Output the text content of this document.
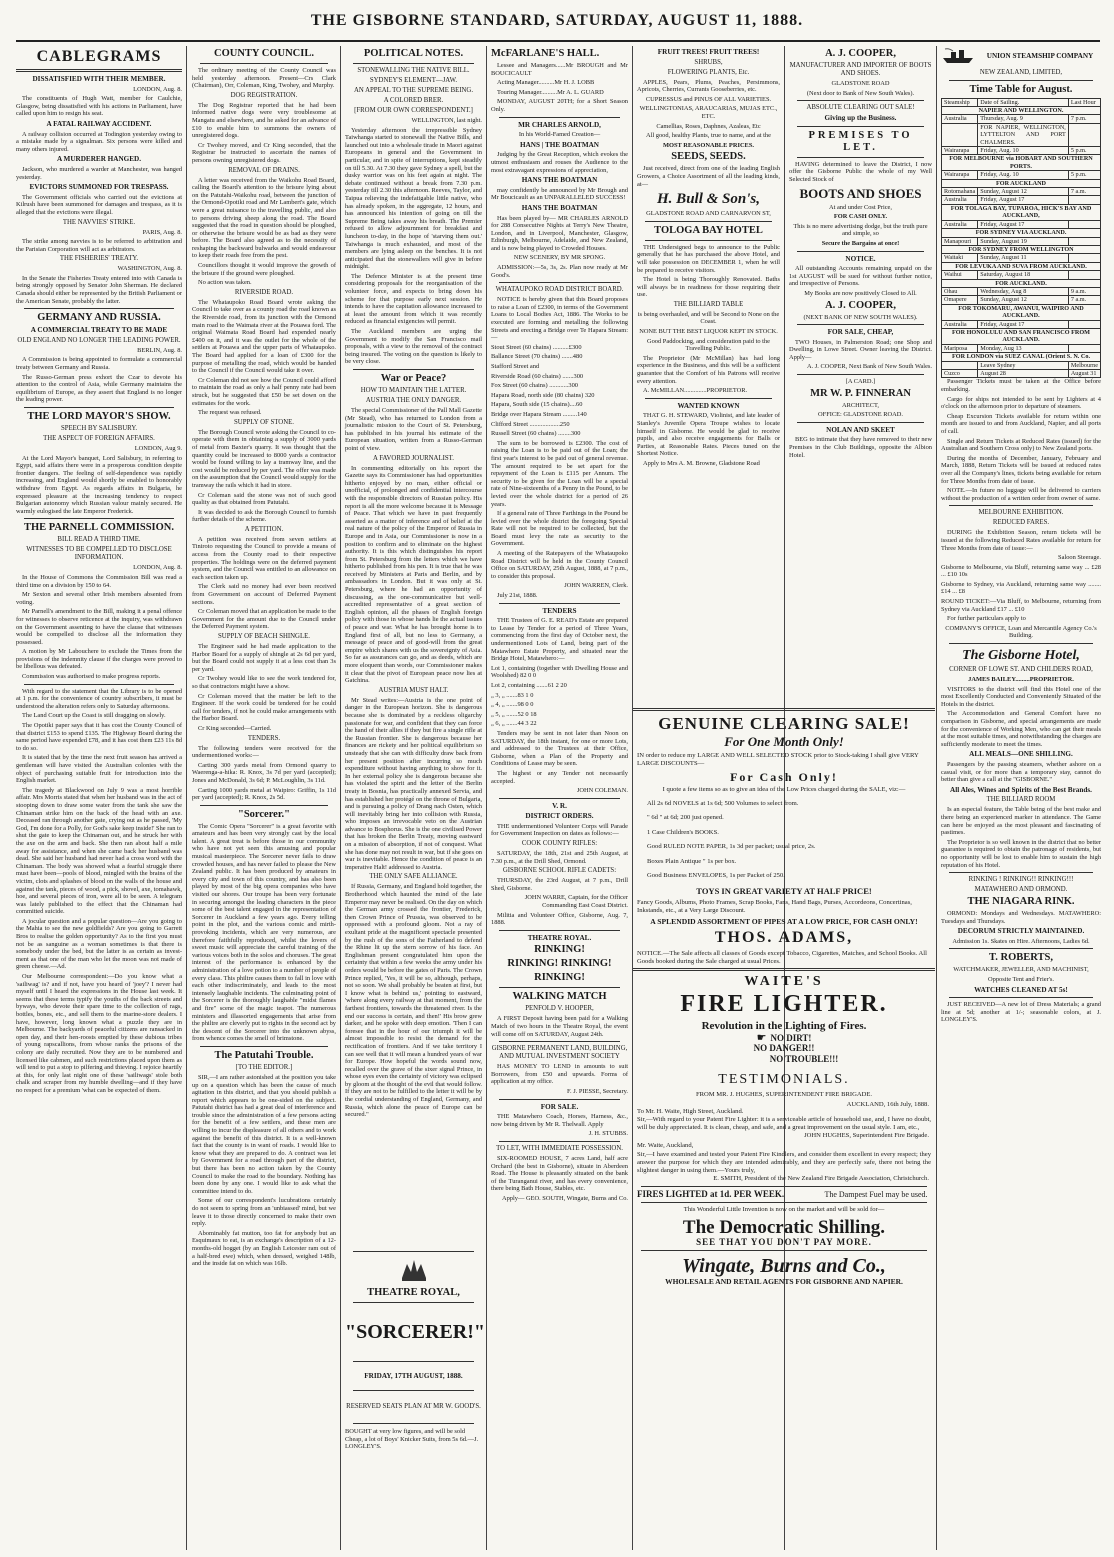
THE GISBORNE STANDARD, SATURDAY, AUGUST 11, 1888.
CABLEGRAMS
DISSATISFIED WITH THEIR MEMBER.

LONDON, Aug. 8.

The constituents of Hugh Watt, member for Caulchie, Glasgow, being dissatisfied with his actions in Parliament, have called upon him to resign his seat.

A FATAL RAILWAY ACCIDENT.

A railway collision occurred at Todington yesterday owing to a mistake made by a signalman. Six persons were killed and many others injured.

A MURDERER HANGED.

Jackson, who murdered a warder at Manchester, was hanged yesterday.

EVICTORS SUMMONED FOR TRESPASS.

The Government officials who carried out the evictions at Kilrush have been summoned for damages and trespass, as it is alleged that the evictions were illegal.

THE NAVVIES' STRIKE.

PARIS, Aug. 8.

The strike among navvies is to be referred to arbitration and the Parisian Corporation will act as arbitrators.

THE FISHERIES' TREATY.

WASHINGTON, Aug. 8.

In the Senate the Fisheries Treaty entered into with Canada is being strongly opposed by Senator John Sherman. He declared Canada should either be represented by the British Parliament or the American Senate, probably the latter.

GERMANY AND RUSSIA.
A COMMERCIAL TREATY TO BE MADE
OLD ENGLAND NO LONGER THE LEADING POWER.

BERLIN, Aug. 8.

A Commission is being appointed to formulate a commercial treaty between Germany and Russia.

The Russo-German press exhort the Czar to devote his attention to the control of Asia, while Germany maintains the equilibrium of Europe, as they assert that England is no longer the leading power.

THE LORD MAYOR'S SHOW.
SPEECH BY SALISBURY.
THE ASPECT OF FOREIGN AFFAIRS.

LONDON, Aug 9.

At the Lord Mayor's banquet, Lord Salisbury, in referring to Egypt, said affairs there were in a prosperous condition despite frontier dangers. The feeling of self-dependence was rapidly increasing, and England would shortly be enabled to honorably withdraw from Egypt. As regards affairs in Bulgaria, he expressed pleasure at the increasing tendency to respect Bulgarian autonomy which Russian valour mainly secured. He warmly eulogised the late Emperor Frederick.

THE PARNELL COMMISSION.
BILL READ A THIRD TIME.
WITNESSES TO BE COMPELLED TO DISCLOSE INFORMATION.

LONDON, Aug. 8.

In the House of Commons the Commission Bill was read a third time on a division by 150 to 64.

Mr Sexton and several other Irish members absented from voting.

Mr Parnell's amendment to the Bill, making it a penal offence for witnesses to observe reticence at the inquiry, was withdrawn on the Government assenting to have the clause that witnesses would be compelled to disclose all the information they possessed.

A motion by Mr Labouchere to exclude the Times from the provisions of the indemnity clause if the charges were proved to be libellous was defeated.

Commission was authorised to make progress reports.

With regard to the statement that the Library is to be opened at 1 p.m. for the convenience of country subscribers, it must be understood the alteration refers only to Saturday afternoons.

The Land Court up the Coast is still dragging on slowly.

The Opotiki paper says that it has cost the County Council of that district £153 to spend £135. The Highway Board during the same period have expended £78, and it has cost them £23 11s 8d to do so.

It is stated that by the time the next fruit season has arrived a gentleman will have visited the Australian colonies with the object of purchasing suitable fruit for introduction into the English market.

The tragedy at Blackwood on July 9 was a most horrible affair. Mrs Morris stated that when her husband was in the act of stooping down to draw some water from the tank she saw the Chinaman strike him on the back of the head with an axe. Deceased ran through another gate, crying out as he passed, 'My God, I'm done for a Polly, for God's sake keep inside!' She ran to shut the gate to keep the Chinaman out, and he struck her with the axe on the arm and back. She then ran about half a mile away for assistance, and when she came back her husband was dead. She said her husband had never had a cross word with the Chinaman. The body was showed what a fearful struggle there must have been—pools of blood, mingled with the brains of the victim, clots and splashes of blood on the walls of the house and against the tank, pieces of wood, a pick, shovel, axe, tomahawk, hoe, and several pieces of iron, were all to be seen. A telegram was lately published to the effect that the Chinaman had committed suicide.

A jocular question and a popular question—Are you going to the Mahia to see the new goldfields? Are you going to Garrett Bros to realise the golden opportunity? As to the first you must not be as sanguine as a woman sometimes is that there is somebody under the bed, but the latter is as certain as invest-ment as that one of the man who let the moon was not made of green cheese.—Ad.

Our Melbourne correspondent:—Do you know what a 'sailiwag' is? and if not, have you heard of 'joey'? I never had myself until I heard the expressions in the House last week. It seems that these terms typify the youths of the back streets and byways, who devote their spare time to the collection of rags, bottles, bones, etc., and sell them to the marine-store dealers. I have, however, long known what a puzzle they are in Melbourne. The backyards of peaceful citizens are ransacked in open day, and their hen-roosts emptied by these dubious tribes of young rapscallions, from whose ranks the prisons of the colony are daily recruited. Now they are to be numbered and licensed like cabmen, and such restrictions placed upon them as will tend to put a stop to pilfering and thieving. I rejoice heartily at this, for only last night one of these 'sailiwags' stole both chalk and scraper from my humble dwelling—and if they have no respect for a premium 'what can be expected of them.

COUNTY COUNCIL.

The ordinary meeting of the County Council was held yesterday afternoon. Present—Crs Clark (Chairman), Orr, Coleman, King, Twohey, and Murphy.

DOG REGISTRATION.

The Dog Registrar reported that he had been informed native dogs were very troublesome at Mangatu and elsewhere, and he asked for an advance of £10 to enable him to summons the owners of unregistered dogs.

Cr Twohey moved, and Cr King seconded, that the Registrar be instructed to ascertain the names of persons owning unregistered dogs.

REMOVAL OF DRAINS.

A letter was received from the Waikohu Road Board, calling the Board's attention to the brisure lying about on the Patutahi-Waikohu road, between the junction of the Ormond-Opotiki road and Mr Lambert's gate, which were a great nuisance to the travelling public, and also to persons driving sheep along the road. The Board suggested that the road in question should be ploughed, or otherwise the brisure would be as bad as they were before. The Board also agreed as to the necessity of reshaping the backward bulwarks and would endeavour to keep their roads free from the pest.

Councillors thought it would improve the growth of the brisure if the ground were ploughed.

No action was taken.

RIVERSIDE ROAD.

The Whataupoko Road Board wrote asking the Council to take over as a county road the road known as the Riverside road, from its junction with the Ormond main road to the Waimata river at the Pouawa ford. The original Waimata Road Board had expended nearly £400 on it, and it was the outlet for the whole of the settlers at Pouawa and the upper parts of Whataupoko. The Board had applied for a loan of £300 for the purpose of metalling the road, which would be handed to the Council if the Council would take it over.

Cr Coleman did not see how the Council could afford to maintain the road as only a half penny rate had been struck, but he suggested that £50 be set down on the estimates for the work.

The request was refused.

SUPPLY OF STONE.

The Borough Council wrote asking the Council to co-operate with them in obtaining a supply of 3000 yards of metal from Baxter's quarry. It was thought that the quantity could be increased to 8000 yards a contractor would be found willing to lay a tramway line, and the cost would be reduced by per yard. The offer was made on the assumption that the Council would supply for the tramway the rails which it had in store.

Cr Coleman said the stone was not of such good quality as that obtained from Patutahi.

It was decided to ask the Borough Council to furnish further details of the scheme.

A PETITION.

A petition was received from seven settlers at Tiniroto requesting the Council to provide a means of access from the County road to their respective properties. The holdings were on the deferred payment system, and the Council was entitled to an allowance on each section taken up.

The Clerk said no money had ever been received from Government on account of Deferred Payment sections.

Cr Coleman moved that an application be made to the Government for the amount due to the Council under the Deferred Payment system.

SUPPLY OF BEACH SHINGLE.

The Engineer said he had made application to the Harbor Board for a supply of shingle at 2s 6d per yard, but the Board could not supply it at a less cost than 3s per yard.

Cr Twohey would like to see the work tendered for, so that contractors might have a show.

Cr Coleman moved that the matter be left to the Engineer. If the work could be tendered for he could call for tenders, if not he could make arrangements with the Harbor Board.

Cr King seconded—Carried.

TENDERS.

The following tenders were received for the undermentioned works:—

Carting 300 yards metal from Ormond quarry to Waerenga-a-hika: R. Knox, 3s 7d per yard (accepted); Jones and McDonald, 3s 6d; P. McLoughlin, 3s 11d.

Carting 1000 yards metal at Waipiro: Griffin, 1s 11d per yard (accepted); R. Knox, 2s 5d.

"Sorcerer."

The Comic Opera "Sorcerer" is a great favorite with amateurs and has been very strongly cast by the local talent. A great treat is before those in our community who have not yet seen this amusing and popular musical masterpiece. The Sorcerer never fails to draw crowded houses, and has never failed to please the New Zealand public. It has been produced by amateurs in every city and town of this country, and has also been played by most of the big opera companies who have visited our shores. Our troupe has been very fortunate in securing amongst the leading characters in the piece some of the best talent engaged in the representation of Sorcerer in Auckland a few years ago. Every telling point in the plot, and the various comic and mirth-provoking incidents, which are very numerous, are therefore faithfully reproduced, whilst the lovers of sweet music will appreciate the careful training of the various voices both in the solos and choruses. The great interest of the performance is enhanced by the administration of a love potion to a number of people of every class. This philtre causes them to fall in love with each other indiscriminately, and leads to the most intensely laughable incidents. The culminating point of the Sorcerer is the thoroughly laughable "midst flames and fire" scene of the magic teapot. The numerous ministers and illassorted engagements that arise from the philtre are cleverly put to rights in the second act by the descent of the Sorcerer into the unknown abyss, from whence comes the smell of brimstone.

The Patutahi Trouble.
[TO THE EDITOR.]

SIR,—I am rather astonished at the position you take up on a question which has been the cause of much agitation in this district, and that you should publish a report which appears to be one-sided on the subject. Patutahi district has had a great deal of interference and trouble since the administration of a few persons acting for the benefit of a few settlers, and these men are willing to incur the displeasure of all others and to work against the benefit of this district. It is a well-known fact that the county is in want of roads. I would like to know what they are prepared to do. A contract was let by Government for a road through part of the district, but there has been no action taken by the County Council to make the road to the boundary. Nothing has been done by any one. I would like to ask what the committee intend to do.

Some of our correspondent's lucubrations certainly do not seem to spring from an 'unbiassed' mind, but we leave it to those directly concerned to make their own reply.

Abominably fat mutton, too fat for anybody but an Esquimaux to eat, is an exchange's description of a 12-months-old hogget (by an English Leicester ram out of a half-bred ewe) which, when dressed, weighed 148lb, and the inside fat on which was 16lb.

POLITICAL NOTES.
STONEWALLING THE NATIVE BILL.
SYDNEY'S ELEMENT—JAW.
AN APPEAL TO THE SUPREME BEING.
A COLORED BRER.
[FROM OUR OWN CORRESPONDENT.]

WELLINGTON, last night.

Yesterday afternoon the irrepressible Sydney Taiwhanga started to stonewall the Native Bills, and launched out into a wholesale tirade in Maori against Europeans in general and the Government in particular, and in spite of interruptions, kept steadily on till 5.30. At 7.30 they gave Sydney a spell, but the dusky warrior was on his feet again at night. The debate continued without a break from 7.30 p.m. yesterday till 2.30 this afternoon. Reeves, Taylor, and Taipua relieving the indefatigable little native, who has already spoken, in the aggregate, 12 hours, and has announced his intention of going on till the Supreme Being takes away his breath. The Premier refused to allow adjournment for breakfast and luncheon to-day, in the hope of 'starving them out.' Taiwhanga is much exhausted, and most of the members are lying asleep on the benches. It is not anticipated that the stonewallers will give in before midnight.

The Defence Minister is at the present time considering proposals for the reorganisation of the volunteer force, and expects to bring down his scheme for that purpose early next session. He intends to have the capitation allowance increased to at least the amount from which it was recently reduced as financial exigencies will permit.

The Auckland members are urging the Government to modify the San Francisco mail proposals, with a view to the removal of the contract being insured. The voting on the question is likely to be very close.

War or Peace?
HOW TO MAINTAIN THE LATTER.
AUSTRIA THE ONLY DANGER.

The special Commissioner of the Pall Mall Gazette (Mr Stead), who has returned to London from a journalistic mission to the Court of St. Petersburg, has published in his journal his estimate of the European situation, written from a Russo-German point of view.

A FAVORED JOURNALIST.

In commenting editorially on his report the Gazette says its Commissioner has had opportunities hitherto enjoyed by no man, either official or unofficial, of prolonged and confidential intercourse with the responsible directors of Russian policy. His report is all the more welcome because it is Message of Peace. That which we have in past frequently asserted as a matter of inference and of belief at the real nature of the policy of the Emperor of Russia in Europe and in Asia, our Commissioner is now in a position to confirm and to eliminate on the highest authority. It is this which distinguishes his report from St. Petersburg from the letters which we have hitherto published from his pen. It is true that he was received by Ministers at Paris and Berlin, and by ambassadors in London. But it was only at St. Petersburg, where he had an opportunity of discussing, as the one-communicative but well-accredited representative of a great section of English opinion, all the phases of English foreign policy with those in whose hands lie the actual issues of peace and war. What he has brought home is to England first of all, but no less to Germany, a message of peace and of good-will from the great empire which shares with us the sovereignty of Asia. So far as assurances can go, and as deeds, which are more eloquent than words, our Commissioner makes it clear that the pivot of European peace now lies at Gatchina.

AUSTRIA MUST HALT.

Mr Stead writes:—Austria is the one point of danger in the European horizon. She is dangerous because she is dominated by a reckless oligarchy passionate for war, and confident that they can force the hand of their allies if they but fire a single rifle at the Russian frontier. She is dangerous because her finances are rickety and her political equilibrium so unsteady that she can with difficulty draw back from her present position after incurring so much expenditure without having anything to show for it. In her external policy she is dangerous because she has violated the spirit and the letter of the Berlin treaty in Bosnia, has practically annexed Servia, and has established her protégé on the throne of Bulgaria, and is pursuing a policy of Drang nach Osten, which will inevitably bring her into collision with Russia, who imposes an irrevocable veto on the Austrian advance to Bosphorus. She is the one civilised Power that has broken the Berlin Treaty, moving eastward on a mission of absorption, if not of conquest. What she has done may not result in war, but if she goes on war is inevitable. Hence the condition of peace is an imperative Halt! addressed to Austria.

THE ONLY SAFE ALLIANCE.

If Russia, Germany, and England hold together, the Brotherhood which haunted the mind of the late Emperor may never be realised. On the day on which the German army crossed the frontier, Frederick, then Crown Prince of Prussia, was observed to be oppressed with a profound gloom. Not a ray of exultant pride at the magnificent spectacle presented by the rush of the sons of the Fatherland to defend the Rhine lit up the stern sorrow of his face. An Englishman present congratulated him upon the certainty that within a few weeks the army under his orders would be before the gates of Paris. The Crown Prince replied, 'Yes, it will be so, although, perhaps, not so soon. We shall probably be beaten at first, but I know what is behind us,' pointing to eastward, 'where along every railway at that moment, from the farthest frontiers, towards the threatened river. Is the end our success is certain, and then!' His brow grew darker, and he spoke with deep emotion. 'Then I can foresee that in the hour of our triumph it will be almost impossible to resist the demand for the rectification of frontiers. And if we take territory I can see well that it will mean a hundred years of war for Europe. How hopeful the words sound now, recalled over the grave of the sixer signal Prince, in whose eyes even the certainty of victory was eclipsed by gloom at the thought of the evil that would follow. If they are not to be fulfilled to the letter it will be by the cordial understanding of England, Germany, and Russia, which alone the peace of Europe can be secured."

THEATRE ROYAL,
"SORCERER!"
FRIDAY, 17TH AUGUST, 1888.
RESERVED SEATS PLAN AT MR W. GOOD'S.

BOUGHT at very low figures, and will be sold Cheap, a lot of Boys' Knicker Suits, from 5s 6d.—J. LONGLEY'S.

McFARLANE'S HALL.

Lessee and Managers......Mr BROUGH and Mr BOUCICAULT

Acting Manager..........Mr H. J. LOBB

Touring Manager..........Mr A. L. GUARD

MONDAY, AUGUST 20TH; for a Short Season Only.

MR CHARLES ARNOLD,

In his World-Famed Creation—

HANS | THE BOATMAN

Judging by the Great Reception, which evokes the utmost enthusiasm and rouses the Audience to the most extravagant expressions of appreciation,

HANS THE BOATMAN

may confidently be announced by Mr Brough and Mr Boucicault as an UNPARALLELED SUCCESS!

HANS THE BOATMAN

Has been played by— MR CHARLES ARNOLD for 288 Consecutive Nights at Terry's New Theatre, London, and in Liverpool, Manchester, Glasgow, Edinburgh, Melbourne, Adelaide, and New Zealand, and is now being played to Crowded Houses.

NEW SCENERY, BY MR SPONG.

ADMISSION:—5s, 3s, 2s. Plan now ready at Mr Good's.

WHATAUPOKO ROAD DISTRICT BOARD.

NOTICE is hereby given that this Board proposes to raise a Loan of £2300, in terms of the Government Loans to Local Bodies Act, 1886. The Works to be executed are forming and metalling the following Streets and erecting a Bridge over Te Hapara Stream:—

Stout Street (60 chains) ..........£300

Ballance Street (70 chains) .......480

Stafford Street and

Riverside Road (60 chains) .......300

Fox Street (60 chains) ............300

Hapara Road, north side (80 chains) 320

Hapara, South side (15 chains)....60

Bridge over Hapara Stream .........140

Clifford Street ...................250

Russell Street (60 chains) ........300

The sum to be borrowed is £2300. The cost of raising the Loan is to be paid out of the Loan; the first year's interest to be paid out of general revenue. The amount required to be set apart for the repayment of the Loan is £115 per Annum. The security to be given for the Loan will be a special rate of Nine-sixteenths of a Penny in the Pound, to be levied over the whole district for a period of 26 years.

If a general rate of Three Farthings in the Pound be levied over the whole district the foregoing Special Rate will not be required to be collected, but the Board must levy the rate as security to the Government.

A meeting of the Ratepayers of the Whataupoko Road District will be held in the County Council Office on SATURDAY, 25th August, 1888, at 7 p.m., to consider this proposal.

JOHN WARREN, Clerk.

July 21st, 1888.

TENDERS

THE Trustees of G. E. READ's Estate are prepared to Lease by Tender for a period of Three Years, commencing from the first day of October next, the undermentioned Lots of Land, being part of the Matawhero Estate Property, and situated near the Bridge Hotel, Matawhero:—

Lot 1, containing (together with Dwelling House and Woolshed) 82 0 0

Lot 2, containing .......61 2 20

„ 3, „ .......83 1 0

„ 4, „ .......98 0 0

„ 5, „ .......52 0 18

„ 6, „ .......44 3 22

Tenders may be sent in not later than Noon on SATURDAY, the 18th instant, for one or more Lots, and addressed to the Trustees at their Office, Gisborne, when a Plan of the Property and Conditions of Lease may be seen.

The highest or any Tender not necessarily accepted.

JOHN COLEMAN.

V. R.
DISTRICT ORDERS.

THE undermentioned Volunteer Corps will Parade for Government Inspection on dates as follows:—

COOK COUNTY RIFLES:

SATURDAY, the 18th, 21st and 25th August, at 7.30 p.m., at the Drill Shed, Ormond.

GISBORNE SCHOOL RIFLE CADETS:

THURSDAY, the 23rd August, at 7 p.m., Drill Shed, Gisborne.

JOHN WARRE, Captain, for the Officer Commanding East Coast District.

Militia and Volunteer Office, Gisborne, Aug. 7, 1888.

THEATRE ROYAL.
RINKING!
RINKING! RINKING!
RINKING!
WALKING MATCH
PENFOLD V. HOOPER,

A FIRST Deposit having been paid for a Walking Match of two hours in the Theatre Royal, the event will come off on SATURDAY, August 24th.

GISBORNE PERMANENT LAND, BUILDING, AND MUTUAL INVESTMENT SOCIETY

HAS MONEY TO LEND in amounts to suit Borrowers, from £50 and upwards. Forms of application at my office.

F. J. PIESSE, Secretary.

FOR SALE.

THE Matawhero Coach, Horses, Harness, &c., now being driven by Mr R. Thelwall. Apply

J. H. STUBBS.

TO LET, WITH IMMEDIATE POSSESSION.

SIX-ROOMED HOUSE, 7 acres Land, half acre Orchard (the best in Gisborne), situate in Aberdeen Road. The House is pleasantly situated on the bank of the Turanganui river, and has every convenience, there being Bath House, Stables, etc.

Apply— GEO. SOUTH, Wingate, Burns and Co.

FRUIT TREES! FRUIT TREES!
SHRUBS,
FLOWERING PLANTS, Etc.

APPLES, Pears, Plums, Peaches, Persimmons, Apricots, Cherries, Currants Gooseberries, etc.

CUPRESSUS and PINUS OF ALL VARIETIES.

WELLINGTONIAS, ARAUCARIAS, MUJAS ETC., ETC.

Camellias, Roses, Daphnes, Azaleas, Etc

All good, healthy Plants, true to name, and at the

MOST REASONABLE PRICES.

SEEDS, SEEDS.

Just received, direct from one of the leading English Growers, a Choice Assortment of all the leading kinds, at—

H. Bull & Son's,

GLADSTONE ROAD AND CARNARVON ST,

TOLOGA BAY HOTEL

THE Undersigned begs to announce to the Public generally that he has purchased the above Hotel, and will take possession on DECEMBER 1, when he will be prepared to receive visitors.

The Hotel is being Thoroughly Renovated. Baths will always be in readiness for those requiring their use.

THE BILLIARD TABLE

is being overhauled, and will be Second to None on the Coast.

NONE BUT THE BEST LIQUOR KEPT IN STOCK.

Good Paddocking, and consideration paid to the Travelling Public.

The Proprietor (Mr McMillan) has had long experience in the Business, and this will be a sufficient guarantee that the Comfort of his Patrons will receive every attention.

A. McMILLAN..............PROPRIETOR.

WANTED KNOWN

THAT G. H. STEWARD, Violinist, and late leader of Stanley's Juvenile Opera Troupe wishes to locate himself in Gisborne. He would be glad to receive pupils, and also receive engagements for Balls or Parties, at Reasonable Rates. Pieces tuned on the Shortest Notice.

Apply to Mrs A. M. Browne, Gladstone Road

A. J. COOPER,
MANUFACTURER AND IMPORTER OF BOOTS AND SHOES.

GLADSTONE ROAD

(Next door to Bank of New South Wales).

ABSOLUTE CLEARING OUT SALE!
Giving up the Business.
PREMISES TO LET.

HAVING determined to leave the District, I now offer the Gisborne Public the whole of my Well Selected Stock of

BOOTS AND SHOES

At and under Cost Price,

FOR CASH ONLY.

This is no mere advertising dodge, but the truth pure and simple, so

Secure the Bargains at once!

NOTICE.

All outstanding Accounts remaining unpaid on the 1st AUGUST will be sued for without further notice, and irrespective of Persons.

My Books are now positively Closed to All.

A. J. COOPER,

(NEXT BANK OF NEW SOUTH WALES).

FOR SALE, CHEAP,

TWO Houses, in Palmerston Road; one Shop and Dwelling, in Lowe Street. Owner leaving the District. Apply—

A. J. COOPER, Next Bank of New South Wales.

[A CARD.]

MR W. P. FINNERAN

ARCHITECT,

OFFICE: GLADSTONE ROAD.

NOLAN AND SKEET

BEG to intimate that they have removed to their new Premises in the Club Buildings, opposite the Albion Hotel.

GENUINE CLEARING SALE!
For One Month Only!

IN order to reduce my LARGE AND WELL SELECTED STOCK prior to Stock-taking I shall give VERY LARGE DISCOUNTS—

For Cash Only!

I quote a few items so as to give an idea of the Low Prices charged during the SALE, viz:—

All 2s 6d NOVELS at 1s 6d; 500 Volumes to select from.

" 6d " at 6d; 200 just opened.

1 Case Children's BOOKS.

Good RULED NOTE PAPER, 1s 3d per packet; usual price, 2s.

Boxes Plain Antique " 1s per box.

Good Business ENVELOPES, 1s per Packet of 250.

TOYS IN GREAT VARIETY AT HALF PRICE!

Fancy Goods, Albums, Photo Frames, Scrap Books, Fans, Hand Bags, Purses, Accordeons, Concertinas, Inkstands, etc., at a Very Large Discount.

A SPLENDID ASSORTMENT OF PIPES AT A LOW PRICE, FOR CASH ONLY!
THOS. ADAMS,

NOTICE.—The Sale affects all classes of Goods except Tobacco, Cigarettes, Matches, and School Books. All Goods booked during the Sale charged at usual Prices.

WAITE'S
FIRE LIGHTER.
Revolution in the Lighting of Fires.
☛ NO DIRT!
NO DANGER!!
NO TROUBLE!!!
TESTIMONIALS.

FROM MR. J. HUGHES, SUPERINTENDENT FIRE BRIGADE.

AUCKLAND, 16th July, 1888.

To Mr. H. Waite, High Street, Auckland.

Sir,—With regard to your Patent Fire Lighter: it is a serviceable article of household use, and, I have no doubt, will be duly appreciated. It is clean, cheap, and safe, and a great improvement on the usual style. I am, etc.,

JOHN HUGHES, Superintendent Fire Brigade.

Mr. Waite, Auckland,

Sir,—I have examined and tested your Patent Fire Kindlers, and consider them excellent in every respect; they answer the purpose for which they are intended admirably, and they are perfectly safe, there not being the slightest danger in using them.—Yours truly,

E. SMITH, President of the New Zealand Fire Brigade Association, Christchurch.

FIRES LIGHTED at 1d. PER WEEK.	The Dampest Fuel may be used.

This Wonderful Little Invention is now on the market and will be sold for—

The Democratic Shilling.
SEE THAT YOU DON'T PAY MORE.
Wingate, Burns and Co.,
WHOLESALE AND RETAIL AGENTS FOR GISBORNE AND NAPIER.
UNION STEAMSHIP COMPANY
NEW ZEALAND, LIMITED,
Time Table for August.
Steamship	Date of Sailing.	Last Hour
NAPIER AND WELLINGTON.		
Australia	Thursday, Aug. 9	7 p.m.
	FOR NAPIER, WELLINGTON, LYTTELTON AND PORT CHALMERS.	
Wairarapa	Friday, Aug. 10	5 p.m.
FOR MELBOURNE via HOBART AND SOUTHERN PORTS.		
Wairarapa	Friday, Aug. 10	5 p.m.
FOR AUCKLAND		
Rotomahana	Sunday, August 12	7 a.m.
Australia	Friday, August 17	
FOR TOLAGA BAY, TUPAROA, HICK'S BAY AND AUCKLAND,		
Australia	Friday, August 17	
FOR SYDNEY VIA AUCKLAND.		
Manapouri	Sunday, August 19	
FOR SYDNEY FROM WELLINGTON		
Waitaki	Sunday, August 11	
FOR LEVUKA AND SUVA FROM AUCKLAND.		
Waihui	Saturday, August 18	
FOR AUCKLAND.		
Ohau	Wednesday, Aug 8	9 a.m.
Omapere	Sunday, August 12	7 a.m.
FOR TOKOMARU, AWANUI, WAIPIRO AND AUCKLAND.		
Australia	Friday, August 17	
FOR HONOLULU AND SAN FRANCISCO FROM AUCKLAND.		
Mariposa	Monday, Aug 13	
FOR LONDON via SUEZ CANAL (Orient S. N. Co.		
	Leave Sydney	Melbourne
Cuzco	August 28	August 31

Passenger Tickets must be taken at the Office before embarking.

Cargo for ships not intended to be sent by Lighters at 4 o'clock on the afternoon prior to departure of steamers.

Cheap Excursion Tickets available for return within one month are issued to and from Auckland, Napier, and all ports of call.

Single and Return Tickets at Reduced Rates (issued) for the Australian and Southern Cross only) to New Zealand ports.

During the months of December, January, February and March, 1888, Return Tickets will be issued at reduced rates over all the Company's lines, tickets being available for return for Three Months from date of issue.

NOTE.—In future no luggage will be delivered to carriers without the production of a written order from owner of same.

MELBOURNE EXHIBITION.
REDUCED FARES.

DURING the Exhibition Season, return tickets will be issued at the following Reduced Rates available for return for Three Months from date of issue:—

Saloon Steerage.

Gisborne to Melbourne, via Bluff, returning same way ... £28 ... £10 10s

Gisborne to Sydney, via Auckland, returning same way ........£14 ... £8

ROUND TICKET:—Via Bluff, to Melbourne, returning from Sydney via Auckland £17 ... £10

For further particulars apply to

COMPANY'S OFFICE, Loan and Mercantile Agency Co.'s Building.

The Gisborne Hotel,
CORNER OF LOWE ST. AND CHILDERS ROAD,

JAMES BAILEY.........PROPRIETOR.

VISITORS to the district will find this Hotel one of the most Excellently Conducted and Conveniently Situated of the Hotels in the district.

The Accommodation and General Comfort have no comparison in Gisborne, and special arrangements are made for the convenience of Working Men, who can get their meals at the most suitable times, and notwithstanding the charges are sufficiently moderate to meet the times.

ALL MEALS—ONE SHILLING.

Passengers by the passing steamers, whether ashore on a casual visit, or for more than a temporary stay, cannot do better than give a call at the "GISBORNE."

All Ales, Wines and Spirits of the Best Brands.
THE BILLIARD ROOM

Is an especial feature, the Table being of the best make and there being an experienced marker in attendance. The Game can here be enjoyed as the most pleasant and fascinating of pastimes.

The Proprietor is so well known in the district that no better guarantee is required to obtain the patronage of residents, but no opportunity will be lost to enable him to sustain the high reputation of his Hotel.

RINKING ! RINKING!! RINKING!!!
MATAWHERO AND ORMOND.
THE NIAGARA RINK.

ORMOND: Mondays and Wednesdays. MATAWHERO: Tuesdays and Thursdays.

DECORUM STRICTLY MAINTAINED.

Admission 1s. Skates on Hire. Afternoons, Ladies 6d.

T. ROBERTS,

WATCHMAKER, JEWELLER, AND MACHINIST,

Opposite Tent and Frier's.

WATCHES CLEANED AT 5s!

JUST RECEIVED—A new lot of Dress Materials; a grand line at 5d; another at 1/-; seasonable colors, at J. LONGLEY'S.
